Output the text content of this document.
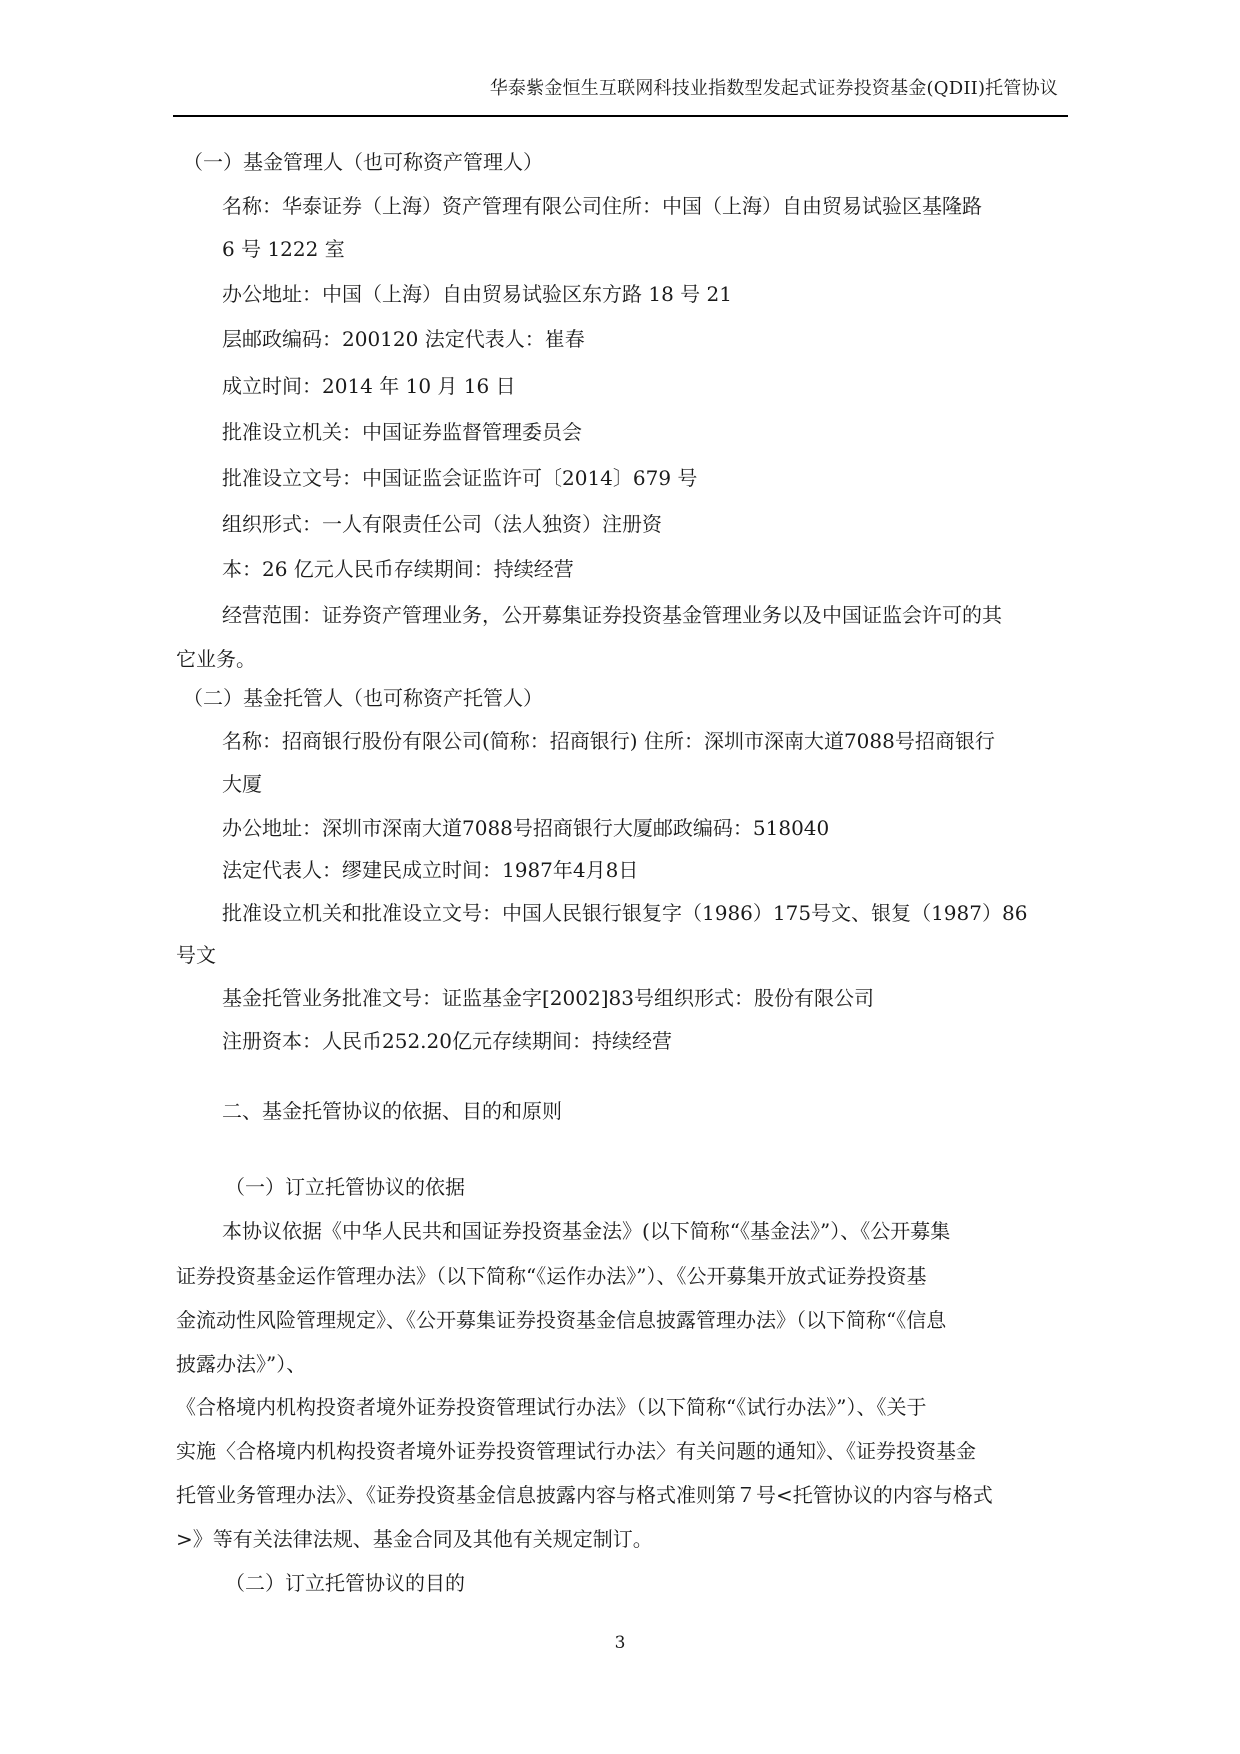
华泰紫金恒生互联网科技业指数型发起式证券投资基金(QDII)托管协议
（一）基金管理人（也可称资产管理人）
名称：华泰证券（上海）资产管理有限公司住所：中国（上海）自由贸易试验区基隆路
6 号 1222 室
办公地址：中国（上海）自由贸易试验区东方路 18 号 21
层邮政编码：200120 法定代表人：崔春
成立时间：2014 年 10 月 16 日
批准设立机关：中国证券监督管理委员会
批准设立文号：中国证监会证监许可〔2014〕679 号
组织形式：一人有限责任公司（法人独资）注册资
本：26 亿元人民币存续期间：持续经营
经营范围：证券资产管理业务，公开募集证券投资基金管理业务以及中国证监会许可的其
它业务。
（二）基金托管人（也可称资产托管人）
名称：招商银行股份有限公司(简称：招商银行) 住所：深圳市深南大道7088号招商银行
大厦
办公地址：深圳市深南大道7088号招商银行大厦邮政编码：518040
法定代表人：缪建民成立时间：1987年4月8日
批准设立机关和批准设立文号：中国人民银行银复字（1986）175号文、银复（1987）86
号文
基金托管业务批准文号：证监基金字[2002]83号组织形式：股份有限公司
注册资本：人民币252.20亿元存续期间：持续经营
二、基金托管协议的依据、目的和原则
（一）订立托管协议的依据
本协议依据《中华人民共和国证券投资基金法》(以下简称“《基金法》”）、《公开募集
证券投资基金运作管理办法》（以下简称“《运作办法》”）、《公开募集开放式证券投资基
金流动性风险管理规定》、《公开募集证券投资基金信息披露管理办法》（以下简称“《信息
披露办法》”）、
《合格境内机构投资者境外证券投资管理试行办法》（以下简称“《试行办法》”）、《关于
实施〈合格境内机构投资者境外证券投资管理试行办法〉有关问题的通知》、《证券投资基金
托管业务管理办法》、《证券投资基金信息披露内容与格式准则第７号<托管协议的内容与格式
>》等有关法律法规、基金合同及其他有关规定制订。
（二）订立托管协议的目的
3
